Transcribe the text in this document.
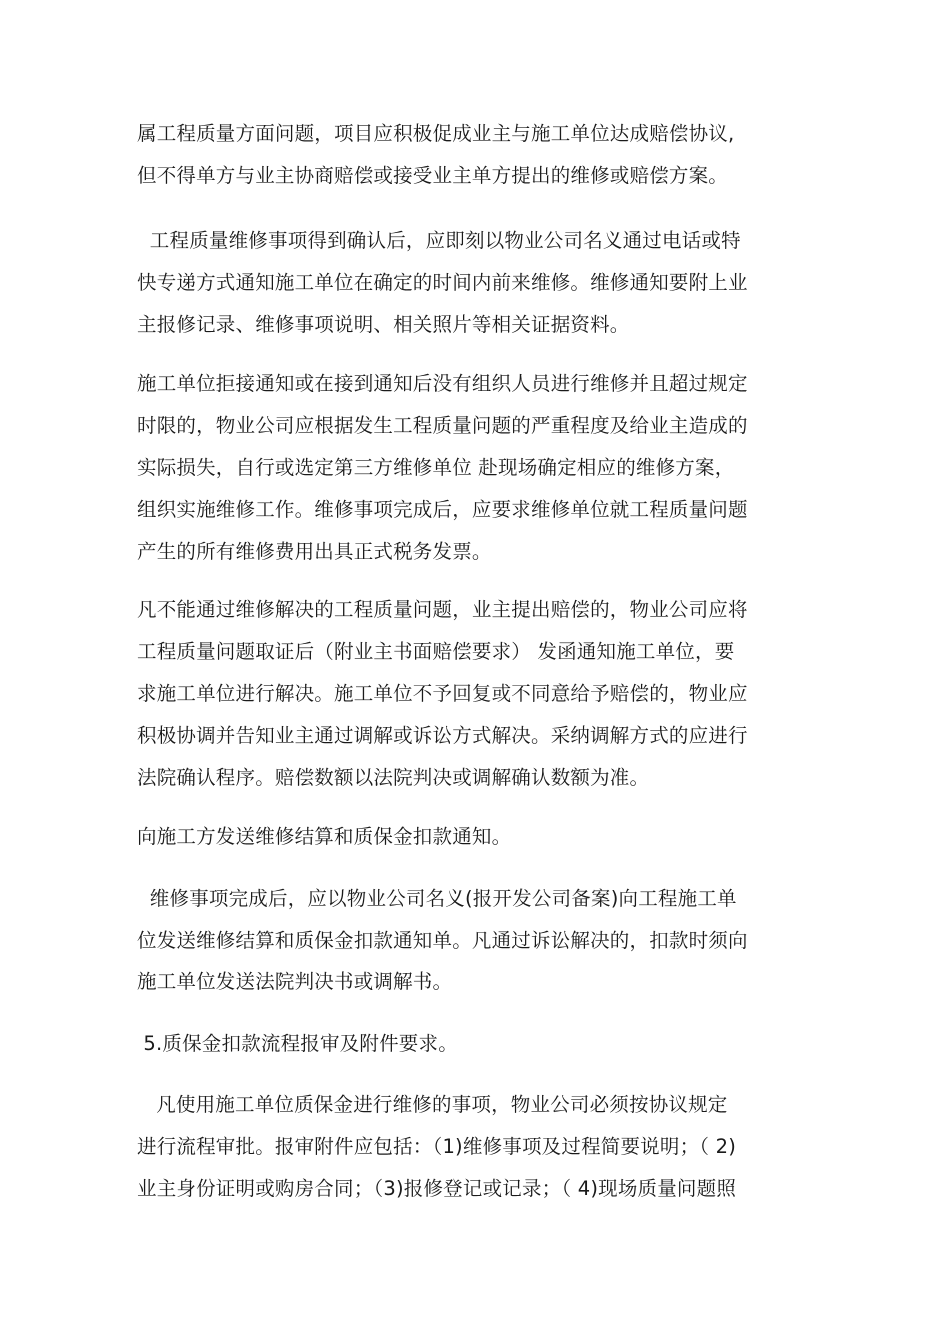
属工程质量方面问题，项目应积极促成业主与施工单位达成赔偿协议,

但不得单方与业主协商赔偿或接受业主单方提出的维修或赔偿方案。

工程质量维修事项得到确认后，应即刻以物业公司名义通过电话或特

快专递方式通知施工单位在确定的时间内前来维修。维修通知要附上业

主报修记录、维修事项说明、相关照片等相关证据资料。

施工单位拒接通知或在接到通知后没有组织人员进行维修并且超过规定

时限的，物业公司应根据发生工程质量问题的严重程度及给业主造成的

实际损失，自行或选定第三方维修单位 赴现场确定相应的维修方案，

组织实施维修工作。维修事项完成后，应要求维修单位就工程质量问题

产生的所有维修费用出具正式税务发票。

凡不能通过维修解决的工程质量问题，业主提出赔偿的，物业公司应将

工程质量问题取证后（附业主书面赔偿要求） 发函通知施工单位，要

求施工单位进行解决。施工单位不予回复或不同意给予赔偿的，物业应

积极协调并告知业主通过调解或诉讼方式解决。采纳调解方式的应进行

法院确认程序。赔偿数额以法院判决或调解确认数额为准。

向施工方发送维修结算和质保金扣款通知。

维修事项完成后，应以物业公司名义(报开发公司备案)向工程施工单

位发送维修结算和质保金扣款通知单。凡通过诉讼解决的，扣款时须向

施工单位发送法院判决书或调解书。

5.质保金扣款流程报审及附件要求。

凡使用施工单位质保金进行维修的事项，物业公司必须按协议规定

进行流程审批。报审附件应包括：（1)维修事项及过程简要说明；（ 2)

业主身份证明或购房合同；（3)报修登记或记录；（ 4)现场质量问题照
